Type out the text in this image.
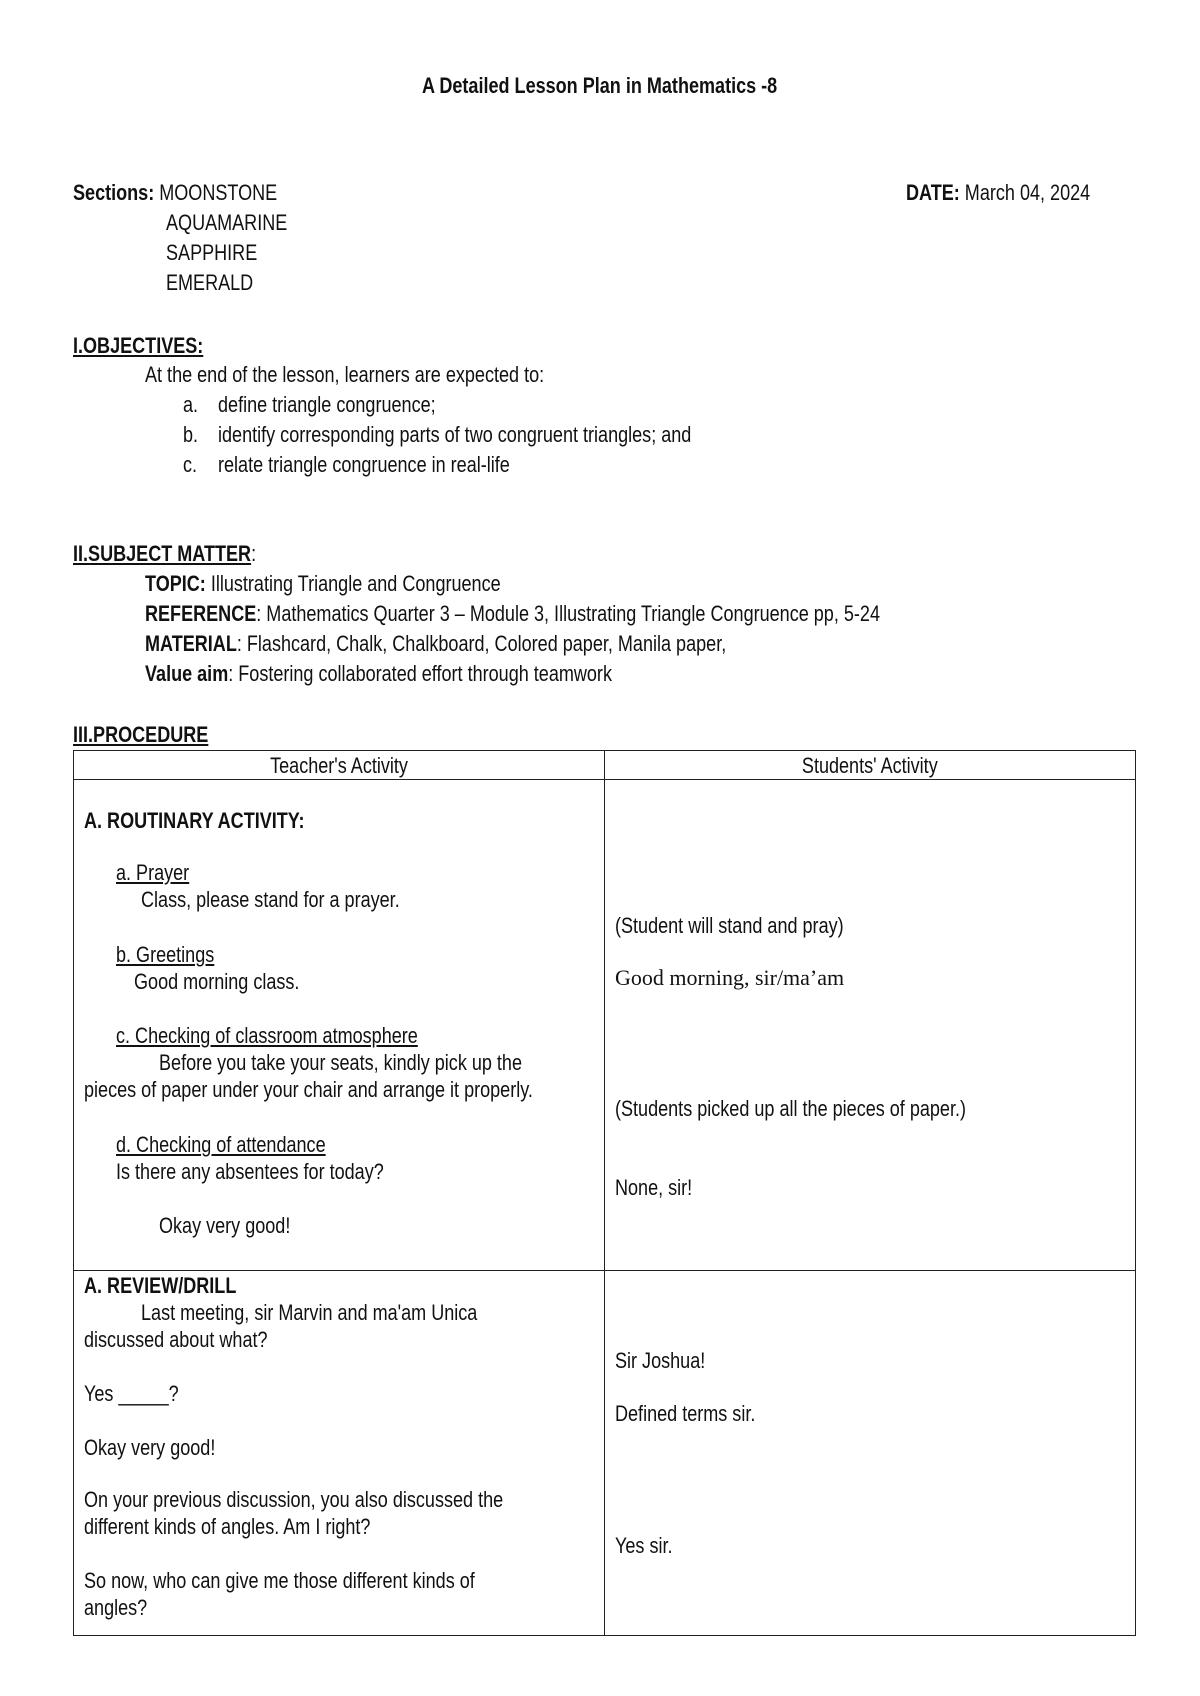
A Detailed Lesson Plan in Mathematics -8
Sections: MOONSTONE
AQUAMARINE
SAPPHIRE
EMERALD
DATE: March 04, 2024
I.OBJECTIVES:
At the end of the lesson, learners are expected to:
a. define triangle congruence;
b. identify corresponding parts of two congruent triangles; and
c. relate triangle congruence in real-life
II.SUBJECT MATTER:
TOPIC: Illustrating Triangle and Congruence
REFERENCE: Mathematics Quarter 3 – Module 3, Illustrating Triangle Congruence pp, 5-24
MATERIAL: Flashcard, Chalk, Chalkboard, Colored paper, Manila paper,
Value aim: Fostering collaborated effort through teamwork
III.PROCEDURE
Teacher's Activity	Students' Activity
A. ROUTINARY ACTIVITY:
a. Prayer
Class, please stand for a prayer.
b. Greetings
Good morning class.
c. Checking of classroom atmosphere
Before you take your seats, kindly pick up the
pieces of paper under your chair and arrange it properly.
d. Checking of attendance
Is there any absentees for today?
Okay very good!
(Student will stand and pray)
Good morning, sir/ma’am
(Students picked up all the pieces of paper.)
None, sir!
A. REVIEW/DRILL
Last meeting, sir Marvin and ma'am Unica
discussed about what?
Yes _____?
Okay very good!
On your previous discussion, you also discussed the
different kinds of angles. Am I right?
So now, who can give me those different kinds of
angles?
Sir Joshua!
Defined terms sir.
Yes sir.
